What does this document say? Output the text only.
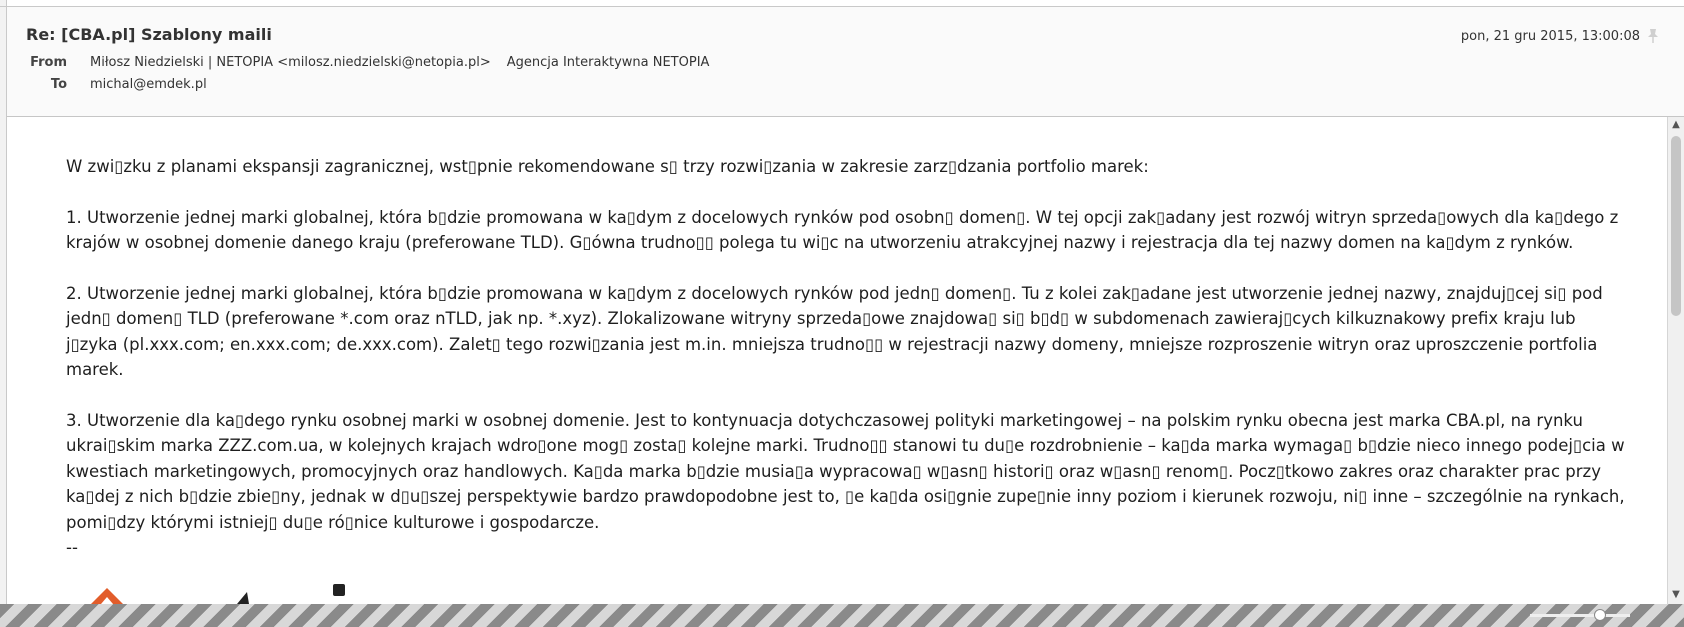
Re: [CBA.pl] Szablony maili	pon, 21 gru 2015, 13:00:08
From Miłosz Niedzielski | NETOPIA <milosz.niedzielski@netopia.pl> Agencja Interaktywna NETOPIA
To michal@emdek.pl

W zwi▯zku z planami ekspansji zagranicznej, wst▯pnie rekomendowane s▯ trzy rozwi▯zania w zakresie zarz▯dzania portfolio marek:

1. Utworzenie jednej marki globalnej, która b▯dzie promowana w ka▯dym z docelowych rynków pod osobn▯ domen▯. W tej opcji zak▯adany jest rozwój witryn sprzeda▯owych dla ka▯dego z krajów w osobnej domenie danego kraju (preferowane TLD). G▯ówna trudno▯▯ polega tu wi▯c na utworzeniu atrakcyjnej nazwy i rejestracja dla tej nazwy domen na ka▯dym z rynków.

2. Utworzenie jednej marki globalnej, która b▯dzie promowana w ka▯dym z docelowych rynków pod jedn▯ domen▯. Tu z kolei zak▯adane jest utworzenie jednej nazwy, znajduj▯cej si▯ pod jedn▯ domen▯ TLD (preferowane *.com oraz nTLD, jak np. *.xyz). Zlokalizowane witryny sprzeda▯owe znajdowa▯ si▯ b▯d▯ w subdomenach zawieraj▯cych kilkuznakowy prefix kraju lub j▯zyka (pl.xxx.com; en.xxx.com; de.xxx.com). Zalet▯ tego rozwi▯zania jest m.in. mniejsza trudno▯▯ w rejestracji nazwy domeny, mniejsze rozproszenie witryn oraz uproszczenie portfolia marek.

3. Utworzenie dla ka▯dego rynku osobnej marki w osobnej domenie. Jest to kontynuacja dotychczasowej polityki marketingowej – na polskim rynku obecna jest marka CBA.pl, na rynku ukrai▯skim marka ZZZ.com.ua, w kolejnych krajach wdro▯one mog▯ zosta▯ kolejne marki. Trudno▯▯ stanowi tu du▯e rozdrobnienie – ka▯da marka wymaga▯ b▯dzie nieco innego podej▯cia w kwestiach marketingowych, promocyjnych oraz handlowych. Ka▯da marka b▯dzie musia▯a wypracowa▯ w▯asn▯ histori▯ oraz w▯asn▯ renom▯. Pocz▯tkowo zakres oraz charakter prac przy ka▯dej z nich b▯dzie zbie▯ny, jednak w d▯u▯szej perspektywie bardzo prawdopodobne jest to, ▯e ka▯da osi▯gnie zupe▯nie inny poziom i kierunek rozwoju, ni▯ inne – szczególnie na rynkach, pomi▯dzy którymi istniej▯ du▯e ró▯nice kulturowe i gospodarcze.

--

▲
▼
